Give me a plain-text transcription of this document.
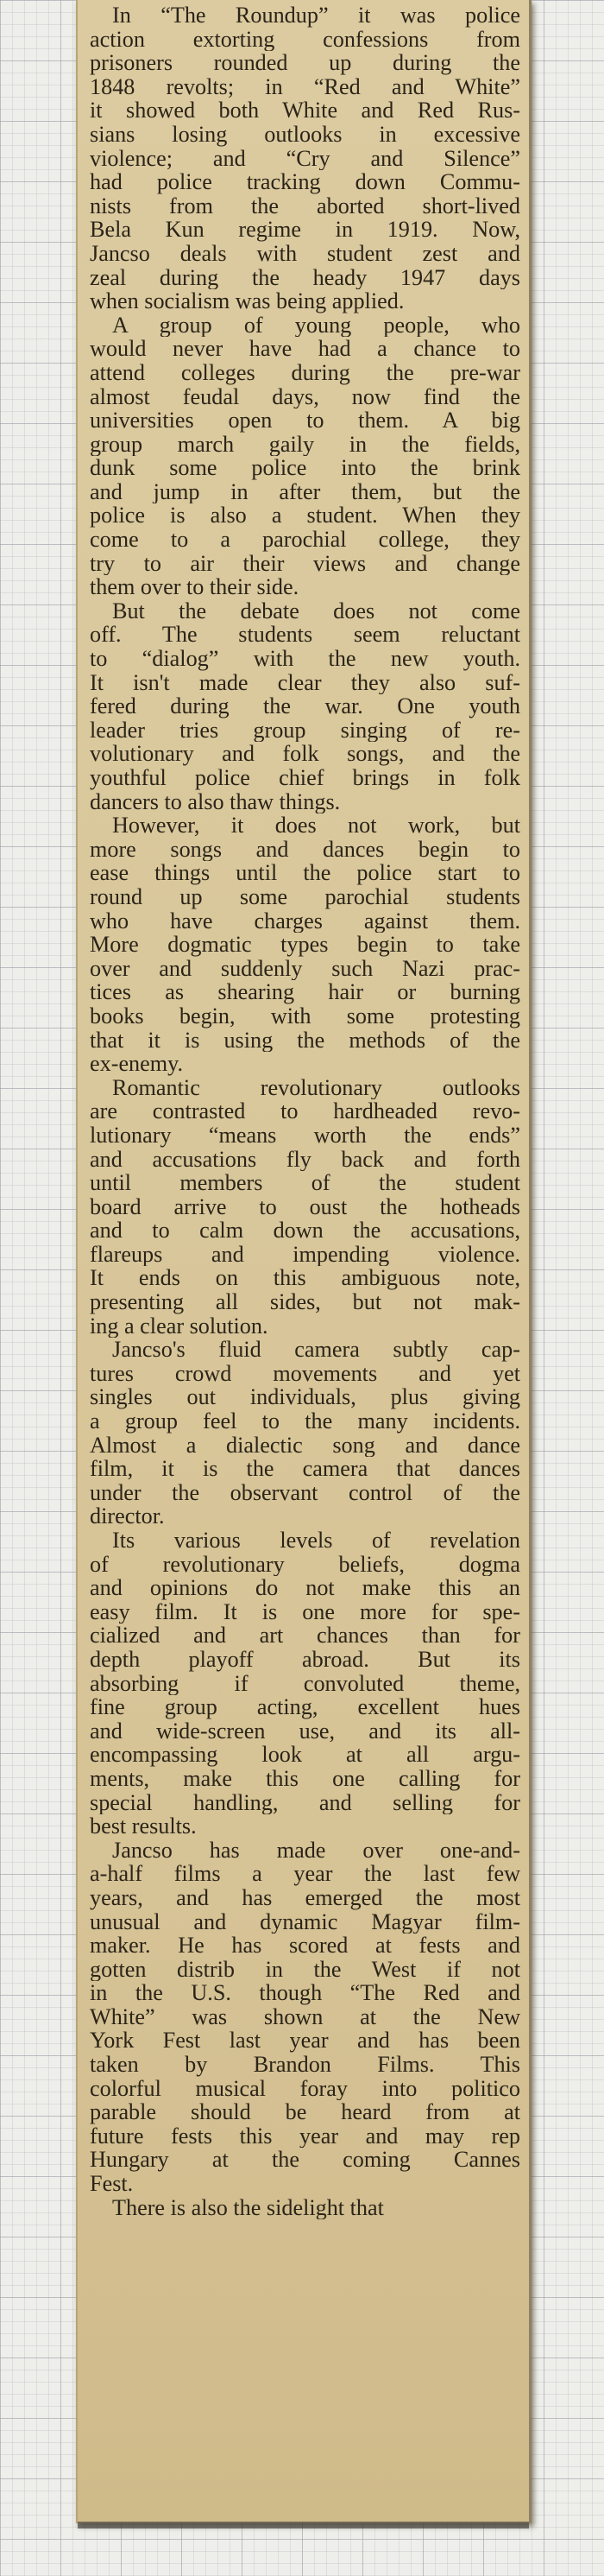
In “The Roundup” it was police
action extorting confessions from
prisoners rounded up during the
1848 revolts; in “Red and White”
it showed both White and Red Rus-
sians losing outlooks in excessive
violence; and “Cry and Silence”
had police tracking down Commu-
nists from the aborted short-lived
Bela Kun regime in 1919. Now,
Jancso deals with student zest and
zeal during the heady 1947 days
when socialism was being applied.
A group of young people, who
would never have had a chance to
attend colleges during the pre-war
almost feudal days, now find the
universities open to them. A big
group march gaily in the fields,
dunk some police into the brink
and jump in after them, but the
police is also a student. When they
come to a parochial college, they
try to air their views and change
them over to their side.
But the debate does not come
off. The students seem reluctant
to “dialog” with the new youth.
It isn't made clear they also suf-
fered during the war. One youth
leader tries group singing of re-
volutionary and folk songs, and the
youthful police chief brings in folk
dancers to also thaw things.
However, it does not work, but
more songs and dances begin to
ease things until the police start to
round up some parochial students
who have charges against them.
More dogmatic types begin to take
over and suddenly such Nazi prac-
tices as shearing hair or burning
books begin, with some protesting
that it is using the methods of the
ex-enemy.
Romantic revolutionary outlooks
are contrasted to hardheaded revo-
lutionary “means worth the ends”
and accusations fly back and forth
until members of the student
board arrive to oust the hotheads
and to calm down the accusations,
flareups and impending violence.
It ends on this ambiguous note,
presenting all sides, but not mak-
ing a clear solution.
Jancso's fluid camera subtly cap-
tures crowd movements and yet
singles out individuals, plus giving
a group feel to the many incidents.
Almost a dialectic song and dance
film, it is the camera that dances
under the observant control of the
director.
Its various levels of revelation
of revolutionary beliefs, dogma
and opinions do not make this an
easy film. It is one more for spe-
cialized and art chances than for
depth playoff abroad. But its
absorbing if convoluted theme,
fine group acting, excellent hues
and wide-screen use, and its all-
encompassing look at all argu-
ments, make this one calling for
special handling, and selling for
best results.
Jancso has made over one-and-
a-half films a year the last few
years, and has emerged the most
unusual and dynamic Magyar film-
maker. He has scored at fests and
gotten distrib in the West if not
in the U.S. though “The Red and
White” was shown at the New
York Fest last year and has been
taken by Brandon Films. This
colorful musical foray into politico
parable should be heard from at
future fests this year and may rep
Hungary at the coming Cannes
Fest.
There is also the sidelight that
